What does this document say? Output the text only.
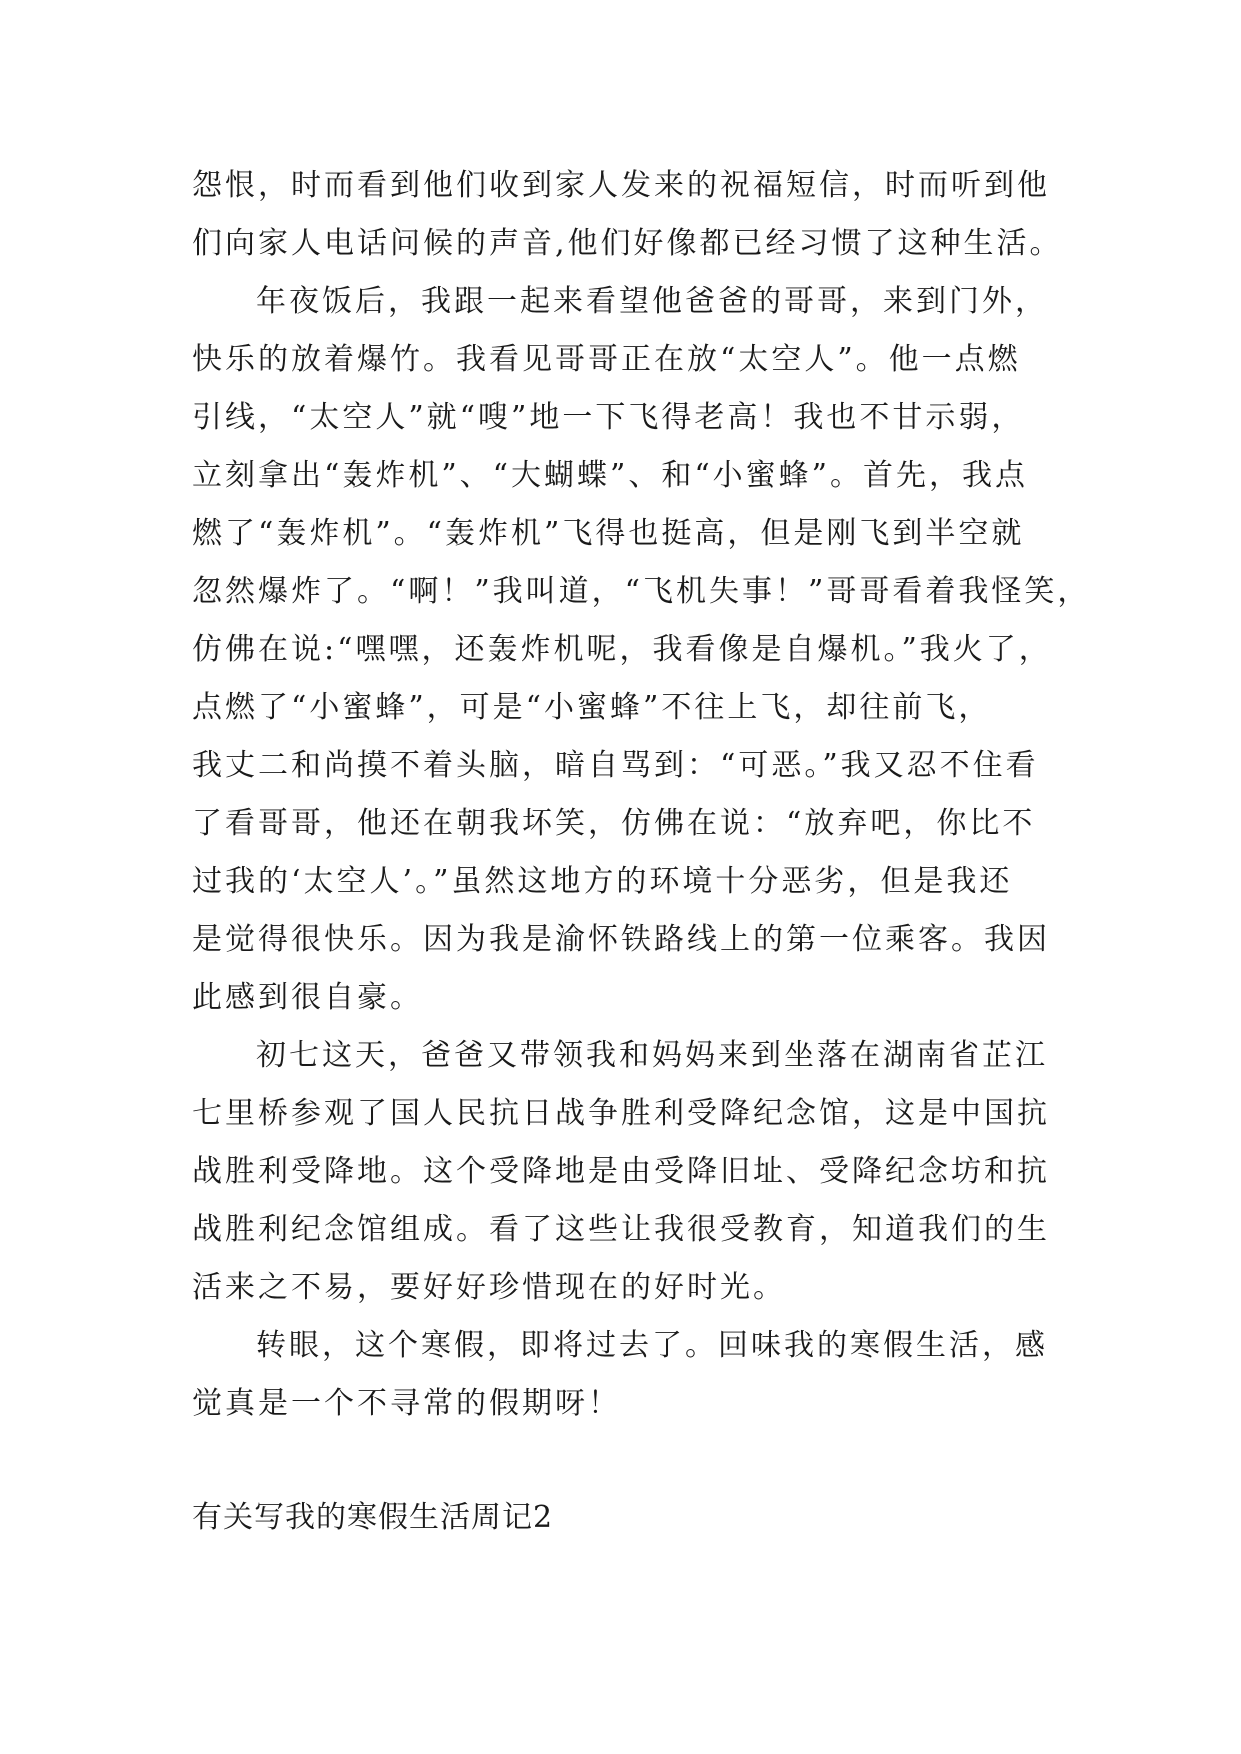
怨恨，时而看到他们收到家人发来的祝福短信，时而听到他
们向家人电话问候的声音,他们好像都已经习惯了这种生活。
年夜饭后，我跟一起来看望他爸爸的哥哥，来到门外，
快乐的放着爆竹。我看见哥哥正在放“太空人”。他一点燃
引线，“太空人”就“嗖”地一下飞得老高！我也不甘示弱，
立刻拿出“轰炸机”、“大蝴蝶”、和“小蜜蜂”。首先，我点
燃了“轰炸机”。“轰炸机”飞得也挺高，但是刚飞到半空就
忽然爆炸了。“啊！”我叫道，“飞机失事！”哥哥看着我怪笑，
仿佛在说:“嘿嘿，还轰炸机呢，我看像是自爆机。”我火了，
点燃了“小蜜蜂”，可是“小蜜蜂”不往上飞，却往前飞，
我丈二和尚摸不着头脑，暗自骂到：“可恶。”我又忍不住看
了看哥哥，他还在朝我坏笑，仿佛在说：“放弃吧，你比不
过我的‘太空人’。”虽然这地方的环境十分恶劣，但是我还
是觉得很快乐。因为我是渝怀铁路线上的第一位乘客。我因
此感到很自豪。
初七这天，爸爸又带领我和妈妈来到坐落在湖南省芷江
七里桥参观了国人民抗日战争胜利受降纪念馆，这是中国抗
战胜利受降地。这个受降地是由受降旧址、受降纪念坊和抗
战胜利纪念馆组成。看了这些让我很受教育，知道我们的生
活来之不易，要好好珍惜现在的好时光。
转眼，这个寒假，即将过去了。回味我的寒假生活，感
觉真是一个不寻常的假期呀！
有关写我的寒假生活周记2
